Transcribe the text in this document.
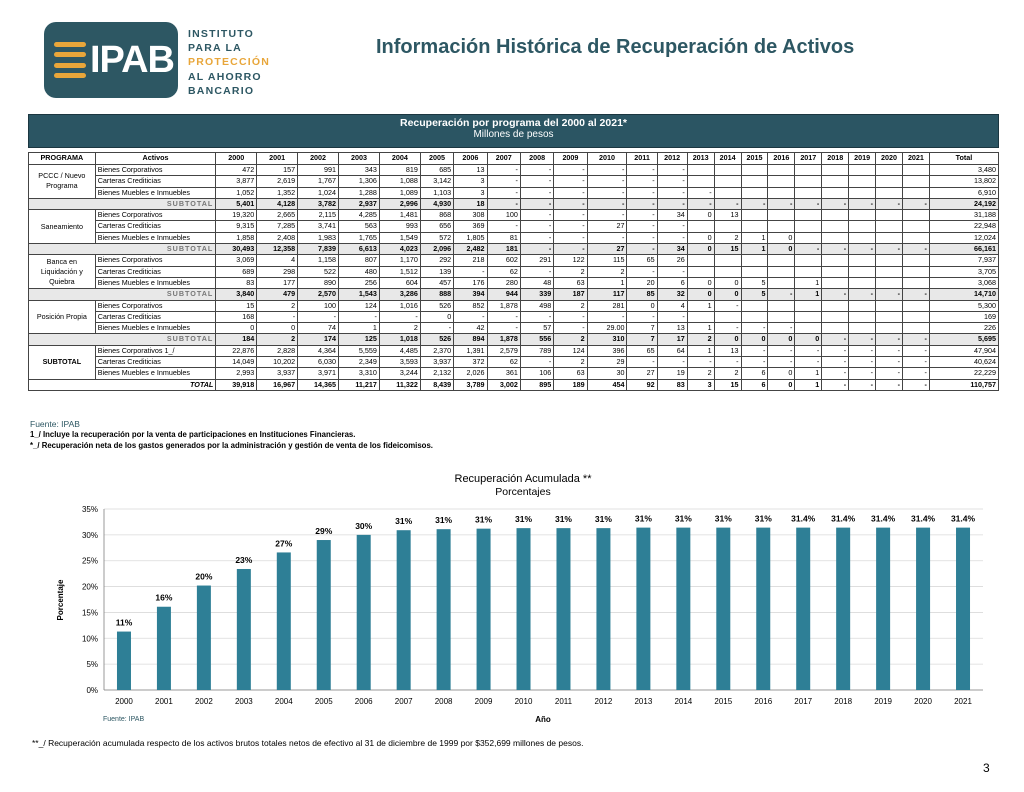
IPAB
INSTITUTO
PARA LA
PROTECCIÓN
AL AHORRO
BANCARIO
Información Histórica de Recuperación de Activos
Recuperación por programa del 2000 al 2021*
Millones de pesos
PROGRAMA	Activos	2000	2001	2002	2003	2004	2005	2006	2007	2008	2009	2010	2011	2012	2013	2014	2015	2016	2017	2018	2019	2020	2021	Total
PCCC / Nuevo Programa	Bienes Corporativos	472	157	991	343	819	685	13	-	-	-	-	-	-										3,480
	Carteras Crediticias	3,877	2,619	1,767	1,306	1,088	3,142	3	-	-	-	-	-	-										13,802
	Bienes Muebles e Inmuebles	1,052	1,352	1,024	1,288	1,089	1,103	3	-	-	-	-	-	-	-									6,910
SUBTOTAL		5,401	4,128	3,782	2,937	2,996	4,930	18	-	-	-	-	-	-	-	-	-	-	-	-	-	-	-	24,192
Saneamiento	Bienes Corporativos	19,320	2,665	2,115	4,285	1,481	868	308	100	-	-	-	-	34	0	13								31,188
	Carteras Crediticias	9,315	7,285	3,741	563	993	656	369	-	-	-	27	-	-										22,948
	Bienes Muebles e Inmuebles	1,858	2,408	1,983	1,765	1,549	572	1,805	81	-	-	-	-	-	0	2	1	0						12,024
SUBTOTAL		30,493	12,358	7,839	6,613	4,023	2,096	2,482	181	-	-	27	-	34	0	15	1	0	-	-	-	-	-	66,161
Banca en Liquidación y Quiebra	Bienes Corporativos	3,069	4	1,158	807	1,170	292	218	602	291	122	115	65	26										7,937
	Carteras Crediticias	689	298	522	480	1,512	139	-	62	-	2	2	-	-										3,705
	Bienes Muebles e Inmuebles	83	177	890	256	604	457	176	280	48	63	1	20	6	0	0	5		1					3,068
SUBTOTAL		3,840	479	2,570	1,543	3,286	888	394	944	339	187	117	85	32	0	0	5	-	1	-	-	-	-	14,710
Posición Propia	Bienes Corporativos	15	2	100	124	1,016	526	852	1,878	498	2	281	0	4	1	-								5,300
	Carteras Crediticias	168	-	-	-	-	0	-	-	-	-	-	-	-										169
	Bienes Muebles e Inmuebles	0	0	74	1	2	-	42	-	57	-	29.00	7	13	1	-	-	-						226
SUBTOTAL		184	2	174	125	1,018	526	894	1,878	556	2	310	7	17	2	0	0	0	0	-	-	-	-	5,695
SUBTOTAL	Bienes Corporativos 1_/	22,876	2,828	4,364	5,559	4,485	2,370	1,391	2,579	789	124	396	65	64	1	13	-	-	-	-	-	-	-	47,904
	Carteras Crediticias	14,049	10,202	6,030	2,349	3,593	3,937	372	62	-	2	29	-	-	-	-	-	-	-	-	-	-	-	40,624
	Bienes Muebles e Inmuebles	2,993	3,937	3,971	3,310	3,244	2,132	2,026	361	106	63	30	27	19	2	2	6	0	1	-	-	-	-	22,229
TOTAL		39,918	16,967	14,365	11,217	11,322	8,439	3,789	3,002	895	189	454	92	83	3	15	6	0	1	-	-	-	-	110,757
Fuente: IPAB
1_/ Incluye la recuperación por la venta de participaciones en Instituciones Financieras.
*_/ Recuperación neta de los gastos generados por la administración y gestión de venta de los fideicomisos.
Recuperación Acumulada **
Porcentajes
0%
5%
10%
15%
20%
25%
30%
35%
11%
2000
16%
2001
20%
2002
23%
2003
27%
2004
29%
2005
30%
2006
31%
2007
31%
2008
31%
2009
31%
2010
31%
2011
31%
2012
31%
2013
31%
2014
31%
2015
31%
2016
31.4%
2017
31.4%
2018
31.4%
2019
31.4%
2020
31.4%
2021
Año
Porcentaje
Fuente: IPAB
**_/ Recuperación acumulada respecto de los activos brutos totales netos de efectivo al 31 de diciembre de 1999 por $352,699 millones de pesos.
3
